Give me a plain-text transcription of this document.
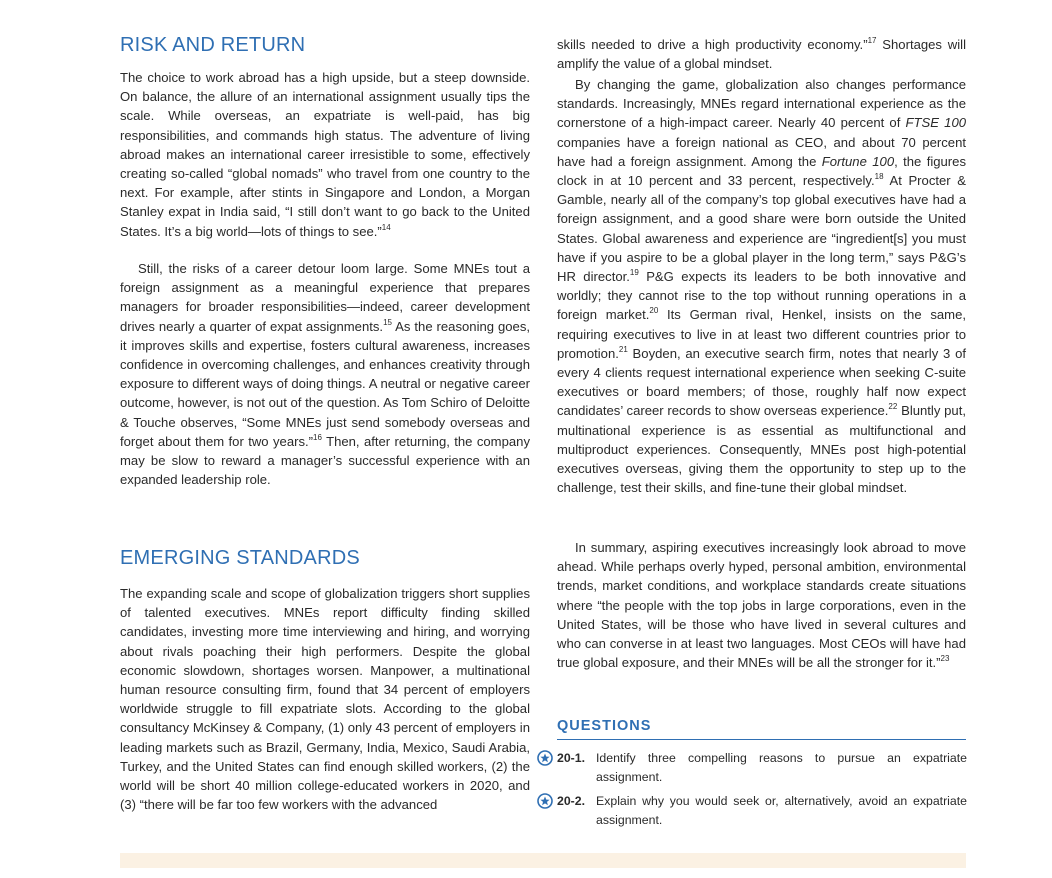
RISK AND RETURN

The choice to work abroad has a high upside, but a steep downside. On balance, the allure of an international assignment usually tips the scale. While overseas, an expatriate is well-paid, has big responsibilities, and commands high status. The adventure of living abroad makes an international career irresistible to some, effectively creating so-called “global nomads” who travel from one country to the next. For example, after stints in Singapore and London, a Morgan Stanley expat in India said, “I still don’t want to go back to the United States. It’s a big world—lots of things to see.”$^{14}$

Still, the risks of a career detour loom large. Some MNEs tout a foreign assignment as a meaningful experience that prepares managers for broader responsibilities—indeed, career development drives nearly a quarter of expat assignments.$^{15}$ As the reasoning goes, it improves skills and expertise, fosters cultural awareness, increases confidence in overcoming challenges, and enhances creativity through exposure to different ways of doing things. A neutral or negative career outcome, however, is not out of the question. As Tom Schiro of Deloitte & Touche observes, “Some MNEs just send somebody overseas and forget about them for two years.”$^{16}$ Then, after returning, the company may be slow to reward a manager’s successful experience with an expanded leadership role.

The expanding scale and scope of globalization triggers short supplies of talented executives. MNEs report difficulty finding skilled candidates, investing more time interviewing and hiring, and worrying about rivals poaching their high performers. Despite the global economic slowdown, shortages worsen. Manpower, a multinational human resource consulting firm, found that 34 percent of employers worldwide struggle to fill expatriate slots. According to the global consultancy McKinsey & Company, (1) only 43 percent of employers in leading markets such as Brazil, Germany, India, Mexico, Saudi Arabia, Turkey, and the United States can find enough skilled workers, (2) the world will be short 40 million college-educated workers in 2020, and (3) “there will be far too few workers with the advanced

EMERGING STANDARDS

skills needed to drive a high productivity economy.”$^{17}$ Shortages will amplify the value of a global mindset.

By changing the game, globalization also changes performance standards. Increasingly, MNEs regard international experience as the cornerstone of a high-impact career. Nearly 40 percent of FTSE 100 companies have a foreign national as CEO, and about 70 percent have had a foreign assignment. Among the Fortune 100, the figures clock in at 10 percent and 33 percent, respectively.$^{18}$ At Procter & Gamble, nearly all of the company’s top global executives have had a foreign assignment, and a good share were born outside the United States. Global awareness and experience are “ingredient[s] you must have if you aspire to be a global player in the long term,” says P&G’s HR director.$^{19}$ P&G expects its leaders to be both innovative and worldly; they cannot rise to the top without running operations in a foreign market.$^{20}$ Its German rival, Henkel, insists on the same, requiring executives to live in at least two different countries prior to promotion.$^{21}$ Boyden, an executive search firm, notes that nearly 3 of every 4 clients request international experience when seeking C-suite executives or board members; of those, roughly half now expect candidates’ career records to show overseas experience.$^{22}$ Bluntly put, multinational experience is as essential as multifunctional and multiproduct experiences. Consequently, MNEs post high-potential executives overseas, giving them the opportunity to step up to the challenge, test their skills, and fine-tune their global mindset.

In summary, aspiring executives increasingly look abroad to move ahead. While perhaps overly hyped, personal ambition, environmental trends, market conditions, and workplace standards create situations where “the people with the top jobs in large corporations, even in the United States, will be those who have lived in several cultures and who can converse in at least two languages. Most CEOs will have had true global exposure, and their MNEs will be all the stronger for it.”$^{23}$

QUESTIONS
20-1. Identify three compelling reasons to pursue an expatriate assignment.
20-2. Explain why you would seek or, alternatively, avoid an expatriate assignment.
